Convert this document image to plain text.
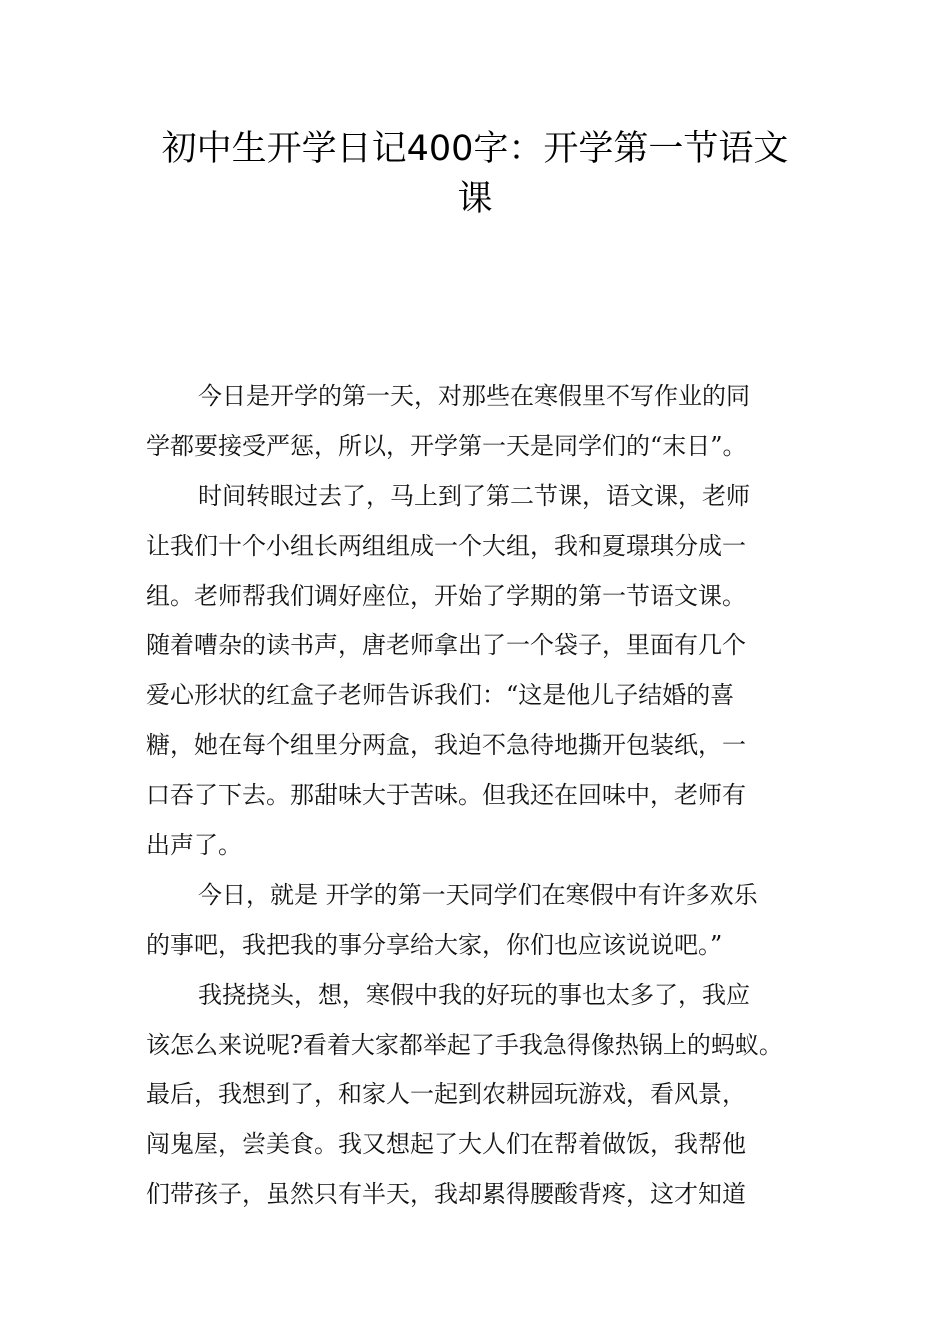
初中生开学日记400字：开学第一节语文
课
今日是开学的第一天，对那些在寒假里不写作业的同
学都要接受严惩，所以，开学第一天是同学们的“末日”。
时间转眼过去了，马上到了第二节课，语文课，老师
让我们十个小组长两组组成一个大组，我和夏璟琪分成一
组。老师帮我们调好座位，开始了学期的第一节语文课。
随着嘈杂的读书声，唐老师拿出了一个袋子，里面有几个
爱心形状的红盒子老师告诉我们：“这是他儿子结婚的喜
糖，她在每个组里分两盒，我迫不急待地撕开包装纸，一
口吞了下去。那甜味大于苦味。但我还在回味中，老师有
出声了。
今日，就是 开学的第一天同学们在寒假中有许多欢乐
的事吧，我把我的事分享给大家，你们也应该说说吧。”
我挠挠头，想，寒假中我的好玩的事也太多了，我应
该怎么来说呢?看着大家都举起了手我急得像热锅上的蚂蚁。
最后，我想到了，和家人一起到农耕园玩游戏，看风景，
闯鬼屋，尝美食。我又想起了大人们在帮着做饭，我帮他
们带孩子，虽然只有半天，我却累得腰酸背疼，这才知道
